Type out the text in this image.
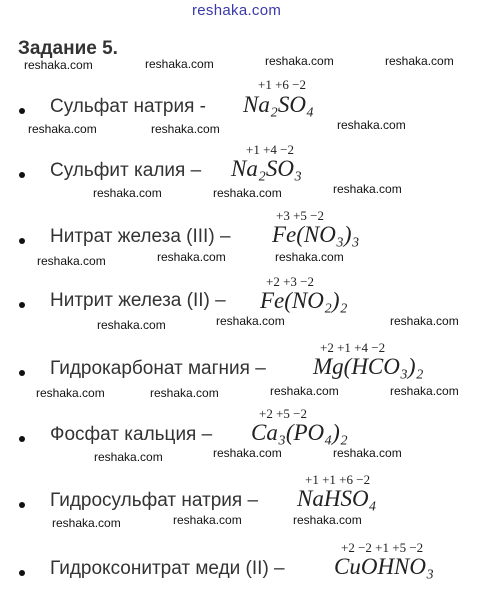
reshaka.com
Задание 5.
reshaka.com	reshaka.com	reshaka.com	reshaka.com
reshaka.com	reshaka.com	reshaka.com
reshaka.com	reshaka.com	reshaka.com
reshaka.com	reshaka.com	reshaka.com
reshaka.com	reshaka.com	reshaka.com
reshaka.com	reshaka.com	reshaka.com	reshaka.com
reshaka.com	reshaka.com	reshaka.com
reshaka.com	reshaka.com	reshaka.com
Сульфат натрия -
+1 +6 −2
Na₂SO₄
Сульфит калия –
+1 +4 −2
Na₂SO₃
Нитрат железа (III) –
+3 +5 −2
Fe(NO₃)₃
Нитрит железа (II) –
+2 +3 −2
Fe(NO₂)₂
Гидрокарбонат магния –
+2 +1 +4 −2
Mg(HCO₃)₂
Фосфат кальция –
+2 +5 −2
Ca₃(PO₄)₂
Гидросульфат натрия –
+1 +1 +6 −2
NaHSO₄
Гидроксонитрат меди (II) –
+2 −2 +1 +5 −2
CuOHNO₃
